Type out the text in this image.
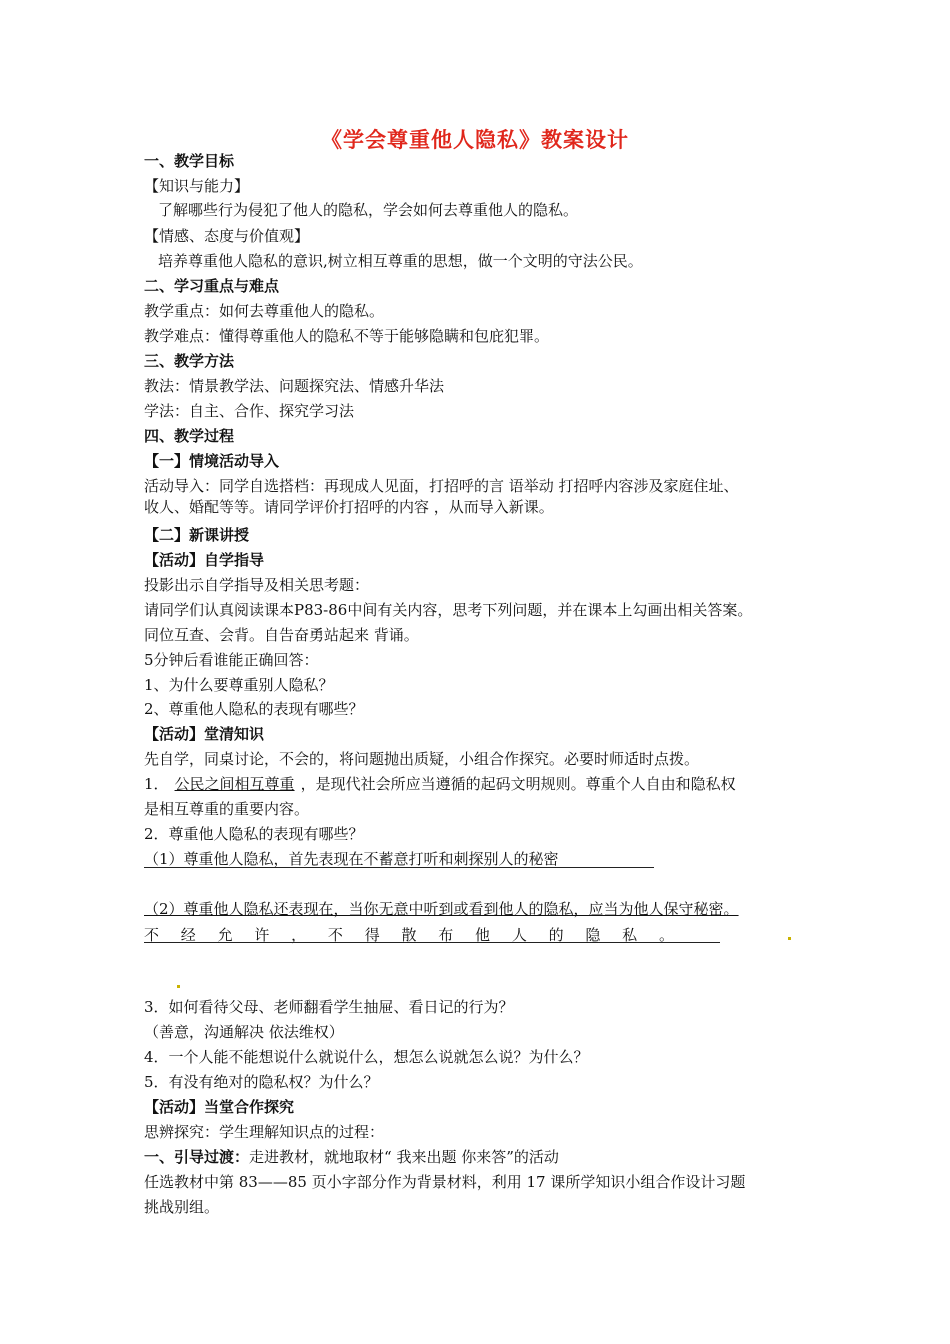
《学会尊重他人隐私》教案设计
一、教学目标
【知识与能力】
了解哪些行为侵犯了他人的隐私，学会如何去尊重他人的隐私。
【情感、态度与价值观】
培养尊重他人隐私的意识,树立相互尊重的思想，做一个文明的守法公民。
二、学习重点与难点
教学重点：如何去尊重他人的隐私。
教学难点：懂得尊重他人的隐私不等于能够隐瞒和包庇犯罪。
三、教学方法
教法：情景教学法、问题探究法、情感升华法
学法：自主、合作、探究学习法
四、教学过程
【一】情境活动导入
活动导入：同学自选搭档：再现成人见面，打招呼的言 语举动 打招呼内容涉及家庭住址、
收人、婚配等等。请同学评价打招呼的内容 ，从而导入新课。
【二】新课讲授
【活动】自学指导
投影出示自学指导及相关思考题：
请同学们认真阅读课本P83-86中间有关内容，思考下列问题，并在课本上勾画出相关答案。
同位互查、会背。自告奋勇站起来 背诵。
5分钟后看谁能正确回答：
1、为什么要尊重别人隐私？
2、尊重他人隐私的表现有哪些？
【活动】堂清知识
先自学，同桌讨论，不会的，将问题抛出质疑，小组合作探究。必要时师适时点拨。
1． 公民之间相互尊重 ，是现代社会所应当遵循的起码文明规则。尊重个人自由和隐私权
是相互尊重的重要内容。
2．尊重他人隐私的表现有哪些？
（1）尊重他人隐私，首先表现在不蓄意打听和刺探别人的秘密
（2）尊重他人隐私还表现在，当你无意中听到或看到他人的隐私，应当为他人保守秘密。
不 经 允 许 ， 不 得 散 布 他 人 的 隐 私 。
3．如何看待父母、老师翻看学生抽屉、看日记的行为？
（善意，沟通解决 依法维权）
4．一个人能不能想说什么就说什么，想怎么说就怎么说？为什么？
5．有没有绝对的隐私权？为什么？
【活动】当堂合作探究
思辨探究：学生理解知识点的过程：
一、引导过渡：走进教材，就地取材“ 我来出题 你来答”的活动
任选教材中第 83——85 页小字部分作为背景材料，利用 17 课所学知识小组合作设计习题
挑战别组。
